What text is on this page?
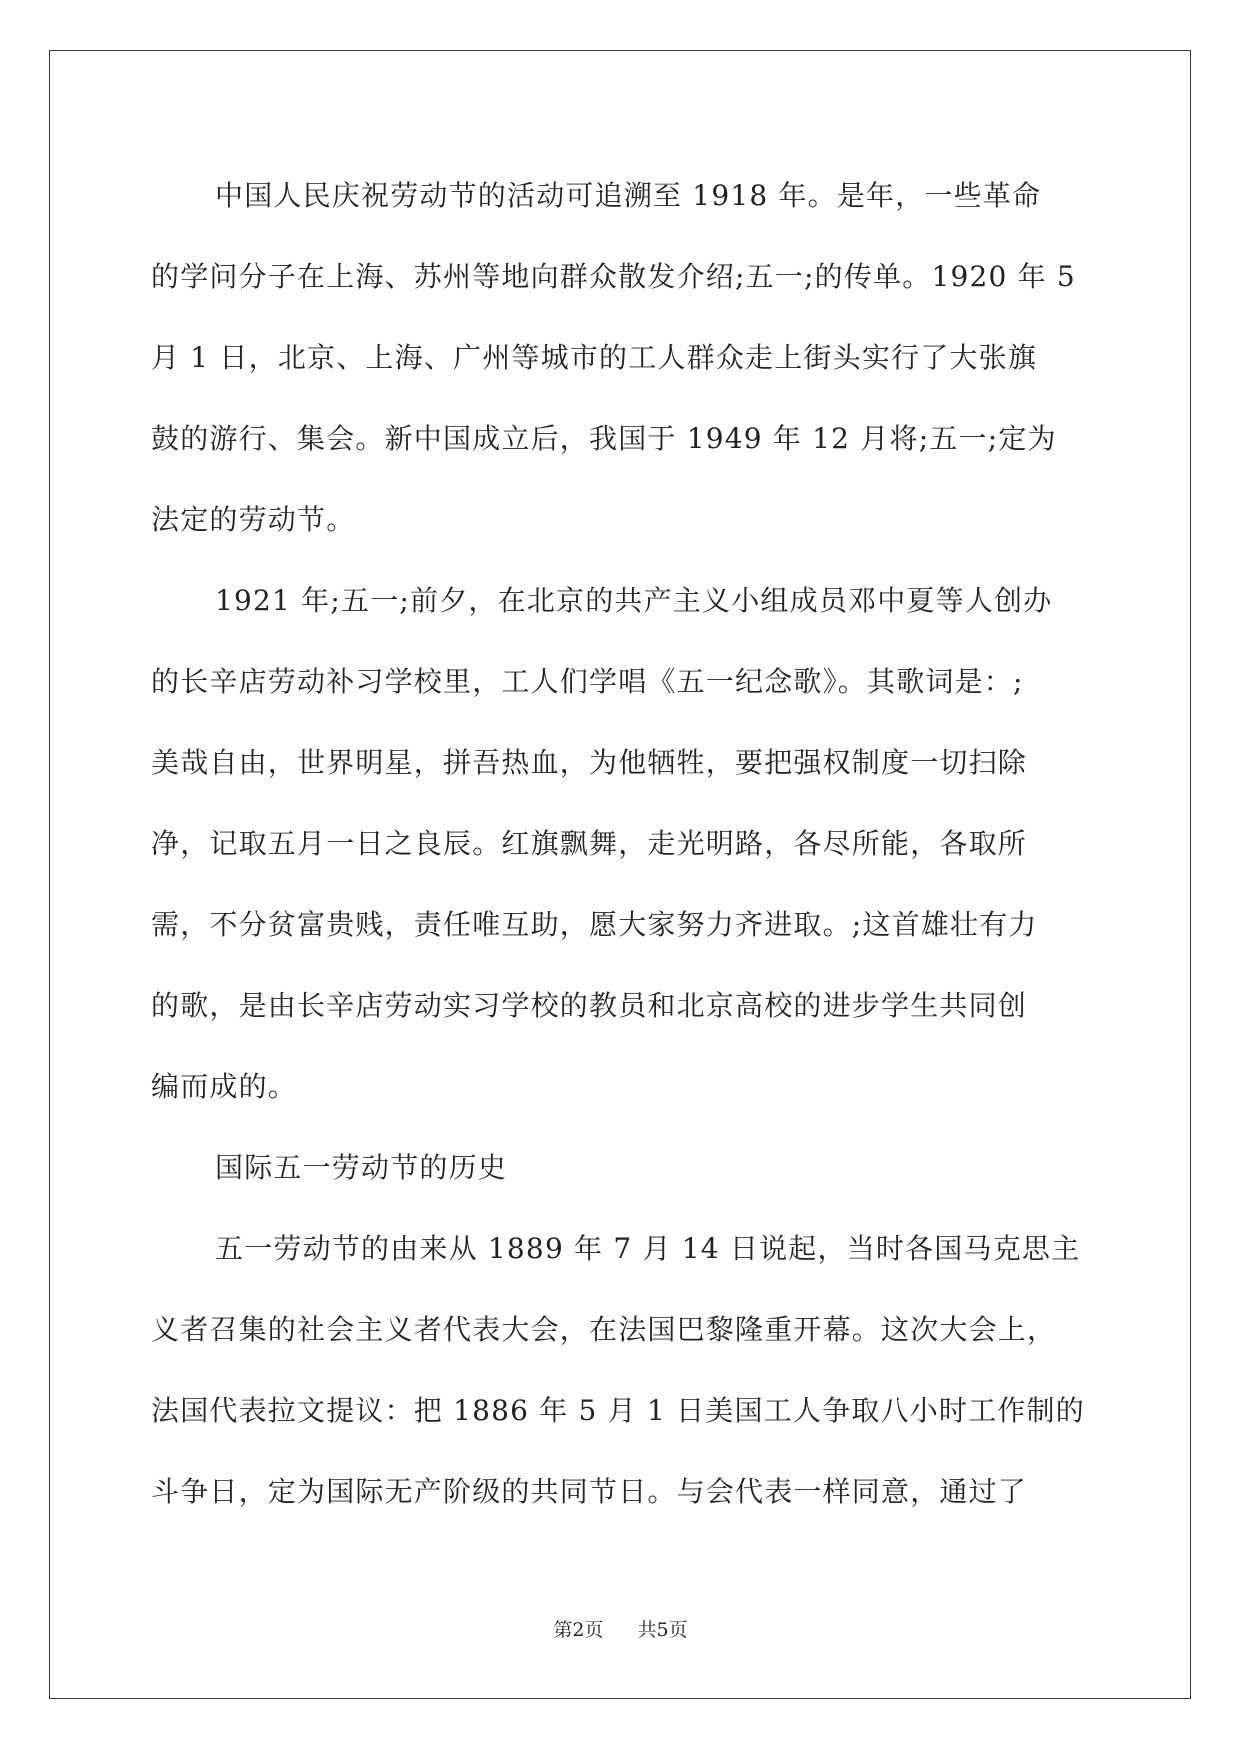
中国人民庆祝劳动节的活动可追溯至 1918 年。是年，一些革命
的学问分子在上海、苏州等地向群众散发介绍;五一;的传单。1920 年 5
月 1 日，北京、上海、广州等城市的工人群众走上街头实行了大张旗
鼓的游行、集会。新中国成立后，我国于 1949 年 12 月将;五一;定为
法定的劳动节。
1921 年;五一;前夕，在北京的共产主义小组成员邓中夏等人创办
的长辛店劳动补习学校里，工人们学唱《五一纪念歌》。其歌词是：;
美哉自由，世界明星，拼吾热血，为他牺牲，要把强权制度一切扫除
净，记取五月一日之良辰。红旗飘舞，走光明路，各尽所能，各取所
需，不分贫富贵贱，责任唯互助，愿大家努力齐进取。;这首雄壮有力
的歌，是由长辛店劳动实习学校的教员和北京高校的进步学生共同创
编而成的。
国际五一劳动节的历史
五一劳动节的由来从 1889 年 7 月 14 日说起，当时各国马克思主
义者召集的社会主义者代表大会，在法国巴黎隆重开幕。这次大会上，
法国代表拉文提议：把 1886 年 5 月 1 日美国工人争取八小时工作制的
斗争日，定为国际无产阶级的共同节日。与会代表一样同意，通过了
第2页 共5页
